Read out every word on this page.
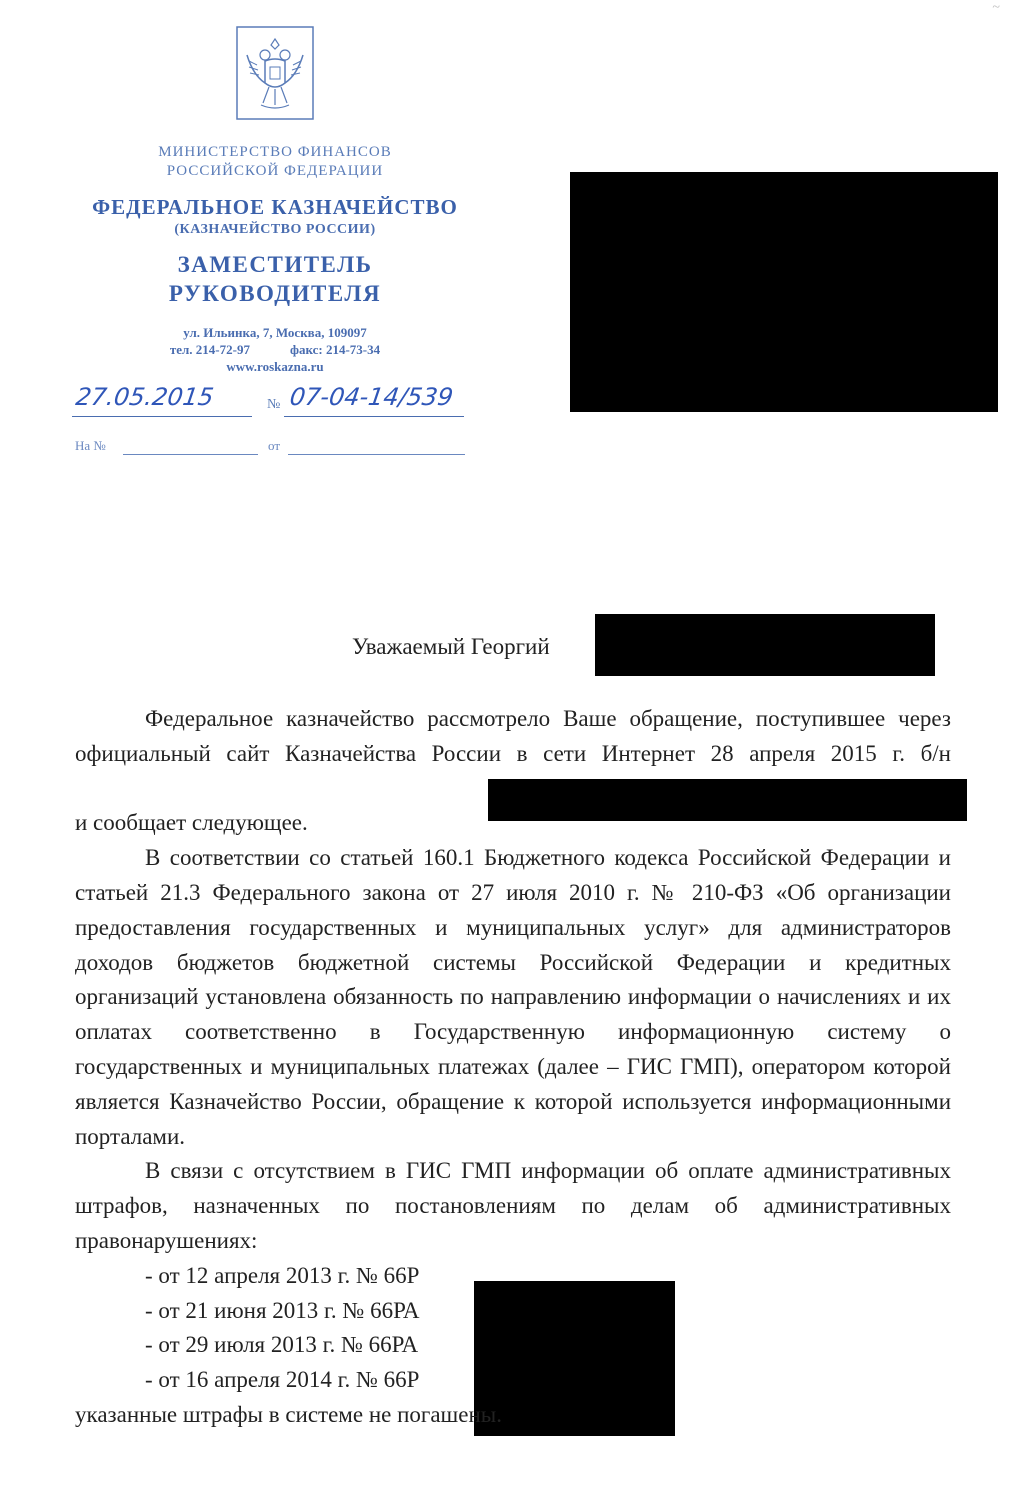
~
МИНИСТЕРСТВО ФИНАНСОВ
РОССИЙСКОЙ ФЕДЕРАЦИИ
ФЕДЕРАЛЬНОЕ КАЗНАЧЕЙСТВО
(КАЗНАЧЕЙСТВО РОССИИ)
ЗАМЕСТИТЕЛЬ
РУКОВОДИТЕЛЯ
ул. Ильинка, 7, Москва, 109097
тел. 214-72-97	факс: 214-73-34
www.roskazna.ru
27.05.2015	№ 07-04-14/539
На №	от
Уважаемый Георгий

Федеральное казначейство рассмотрело Ваше обращение, поступившее через официальный сайт Казначейства России в сети Интернет 28 апреля 2015 г. б/н

и сообщает следующее.

В соответствии со статьей 160.1 Бюджетного кодекса Российской Федерации и статьей 21.3 Федерального закона от 27 июля 2010 г. № 210-ФЗ «Об организации предоставления государственных и муниципальных услуг» для администраторов доходов бюджетов бюджетной системы Российской Федерации и кредитных организаций установлена обязанность по направлению информации о начислениях и их оплатах соответственно в Государственную информационную систему о государственных и муниципальных платежах (далее – ГИС ГМП), оператором которой является Казначейство России, обращение к которой используется информационными порталами.

В связи с отсутствием в ГИС ГМП информации об оплате административных штрафов, назначенных по постановлениям по делам об административных правонарушениях:

- от 12 апреля 2013 г. № 66Р
- от 21 июня 2013 г. № 66РА
- от 29 июля 2013 г. № 66РА
- от 16 апреля 2014 г. № 66Р

указанные штрафы в системе не погашены.
